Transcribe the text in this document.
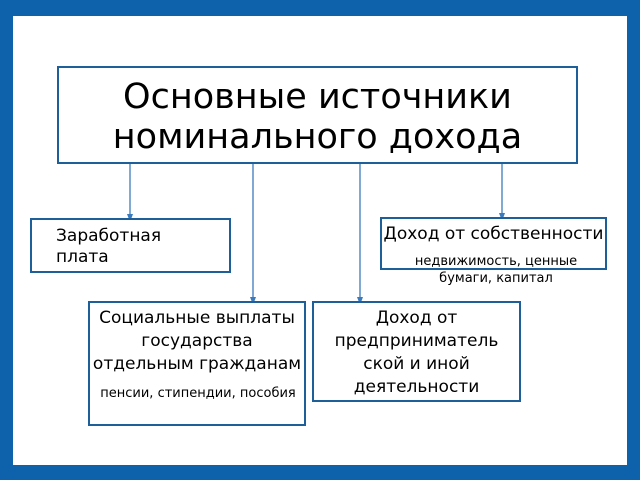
Основные источники номинального дохода
Заработная плата
Доход от собственности
недвижимость, ценные бумаги, капитал
Социальные выплаты государства отдельным гражданам
пенсии, стипендии, пособия
Доход от предприниматель ской и иной деятельности
